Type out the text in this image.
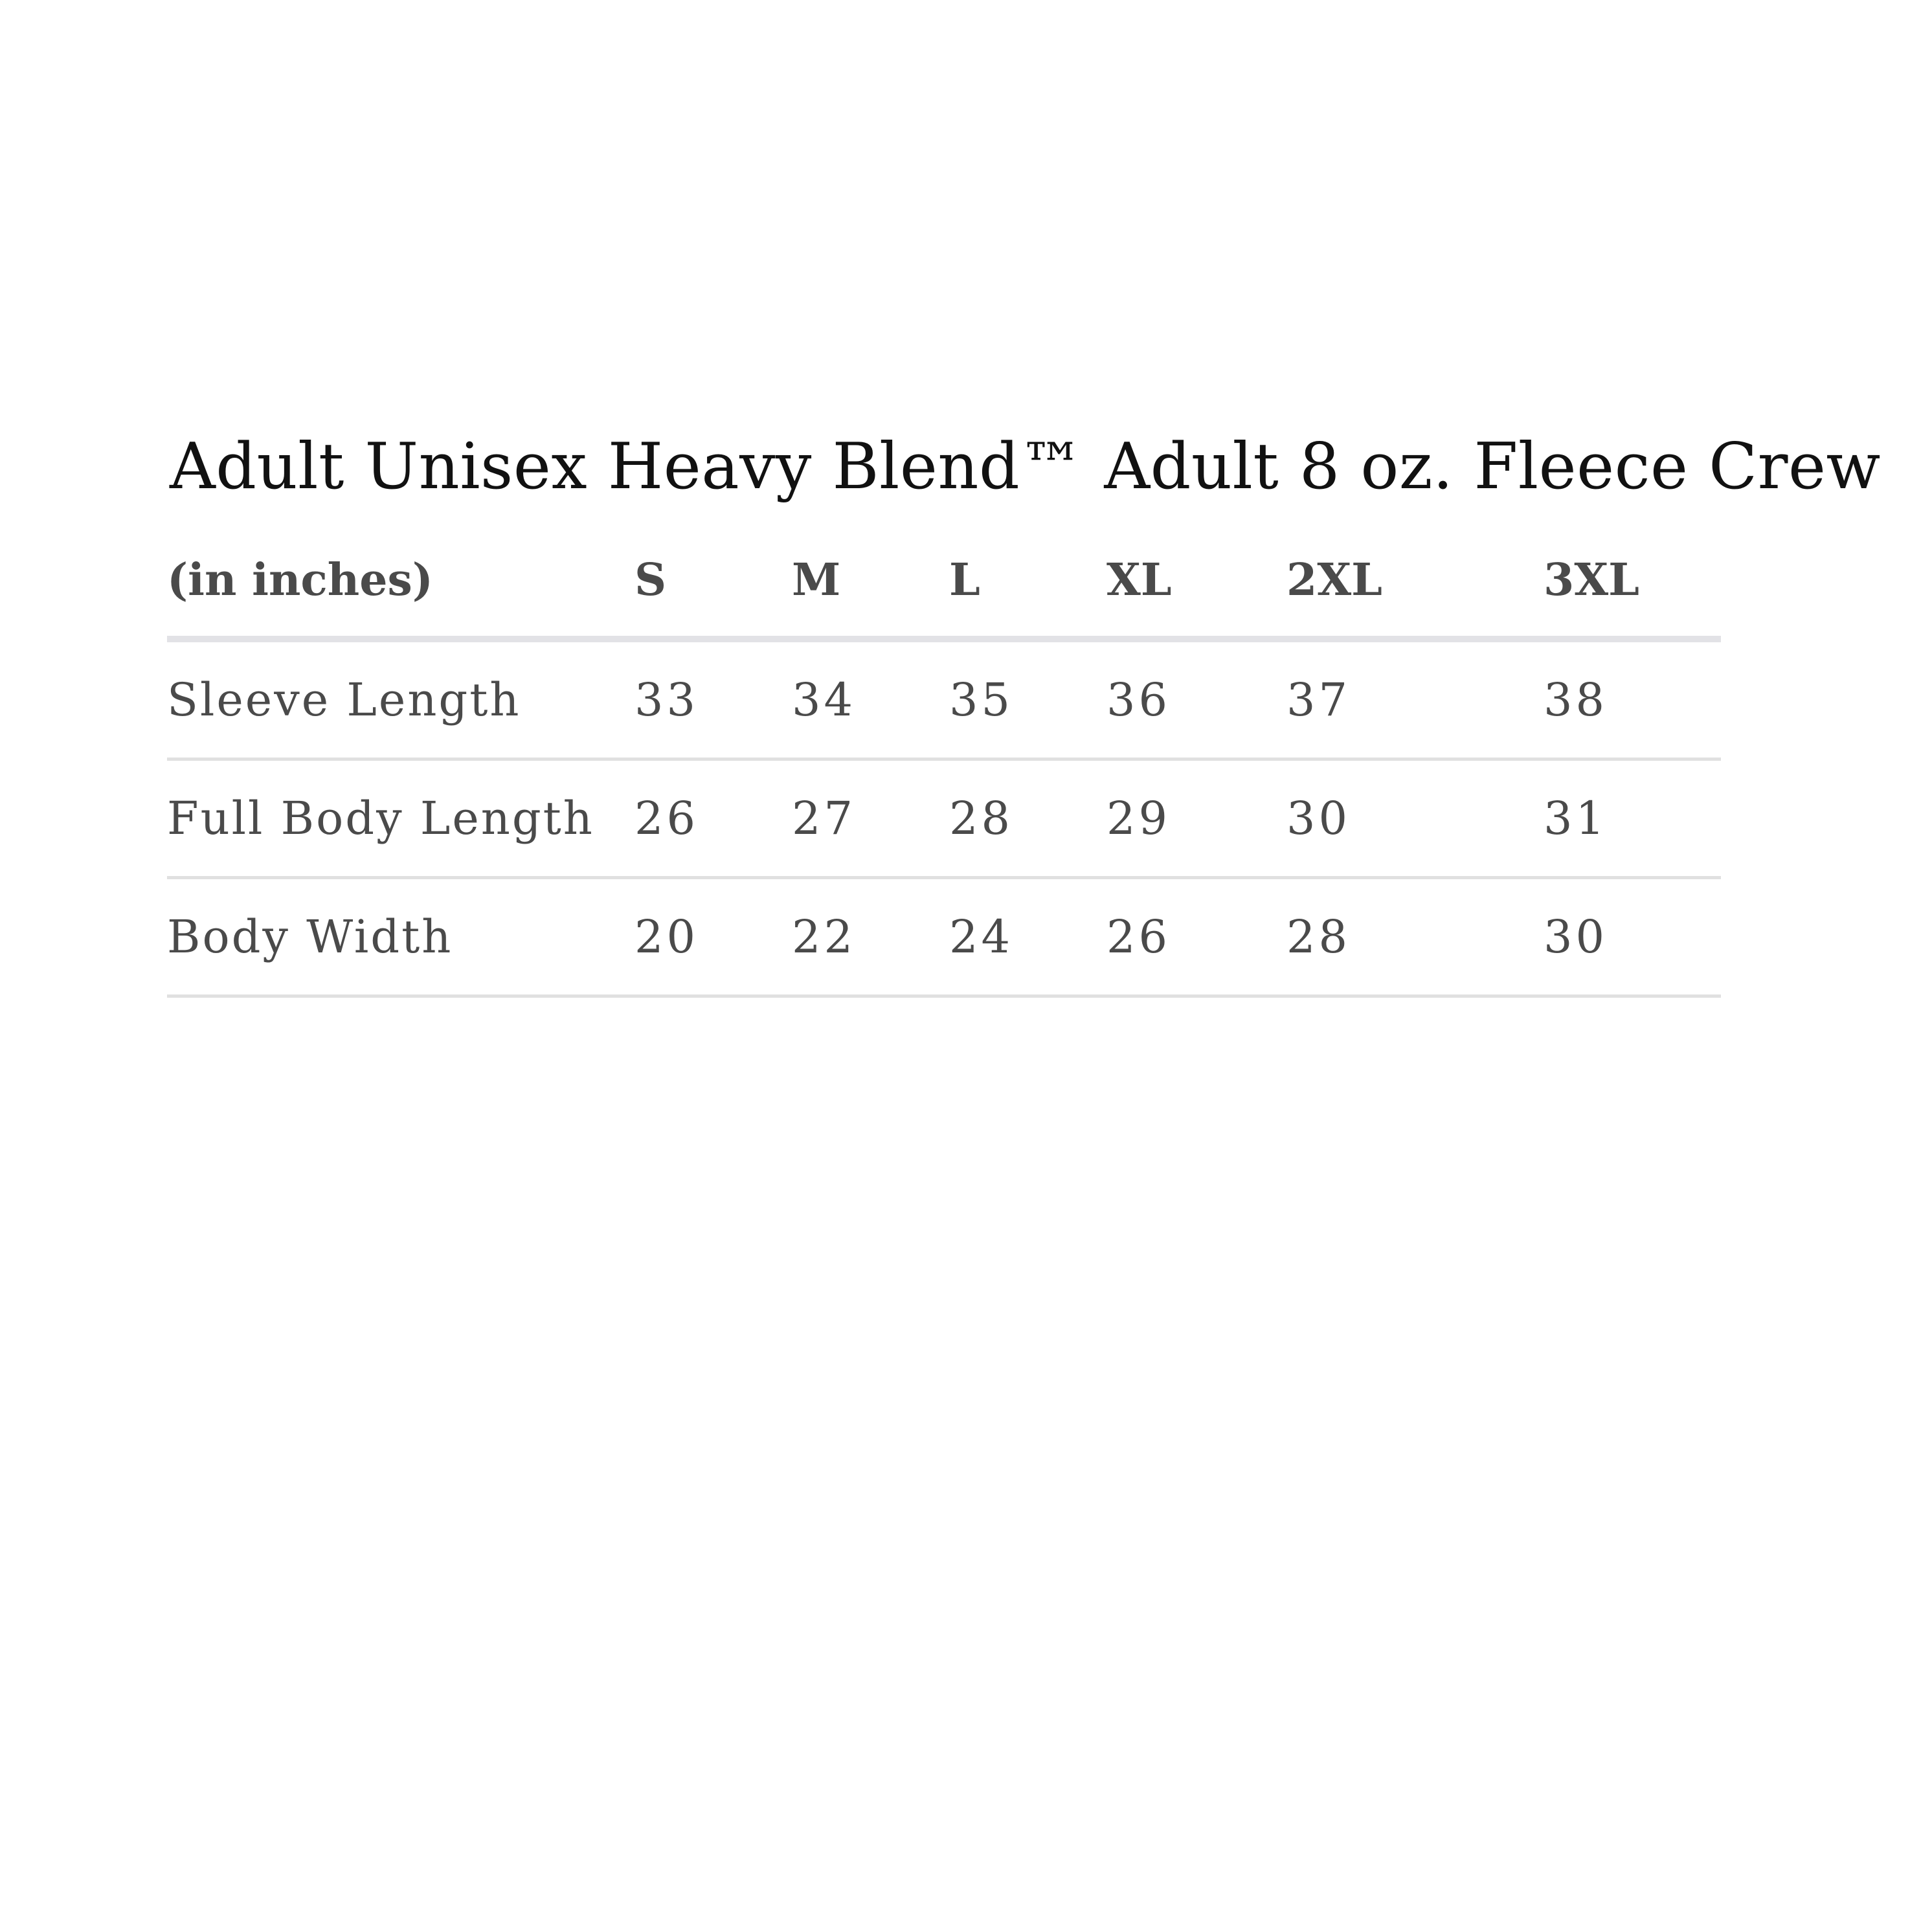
Adult Unisex Heavy Blend™ Adult 8 oz. Fleece Crew
(in inches)	S	M	L	XL	2XL	3XL
Sleeve Length	33	34	35	36	37	38
Full Body Length	26	27	28	29	30	31
Body Width	20	22	24	26	28	30
